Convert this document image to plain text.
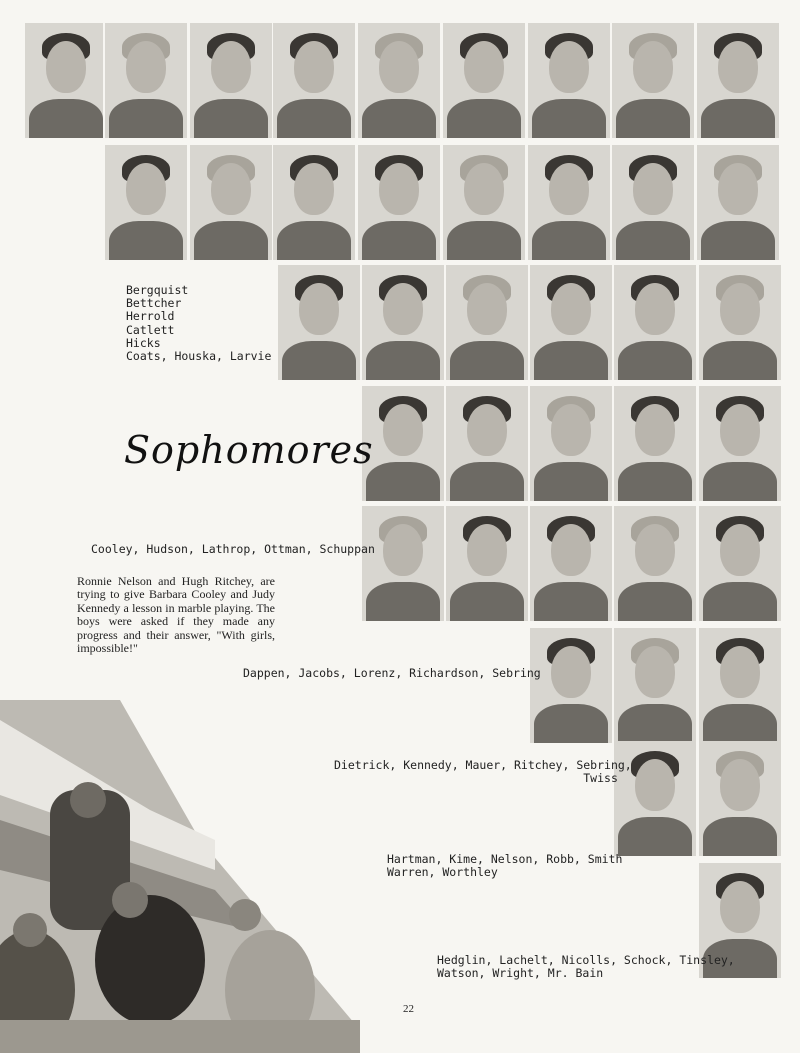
Bergquist
Bettcher
Herrold
Catlett
Hicks
Coats, Houska, Larvie
Sophomores
Cooley, Hudson, Lathrop, Ottman, Schuppan
Ronnie Nelson and Hugh Ritchey, are trying to give Barbara Cooley and Judy Kennedy a lesson in marble playing. The boys were asked if they made any progress and their answer, "With girls, impossible!"
Dappen, Jacobs, Lorenz, Richardson, Sebring
Dietrick, Kennedy, Mauer, Ritchey, Sebring,
Twiss
Hartman, Kime, Nelson, Robb, Smith
Warren, Worthley
Hedglin, Lachelt, Nicolls, Schock, Tinsley,
Watson, Wright, Mr. Bain
22
